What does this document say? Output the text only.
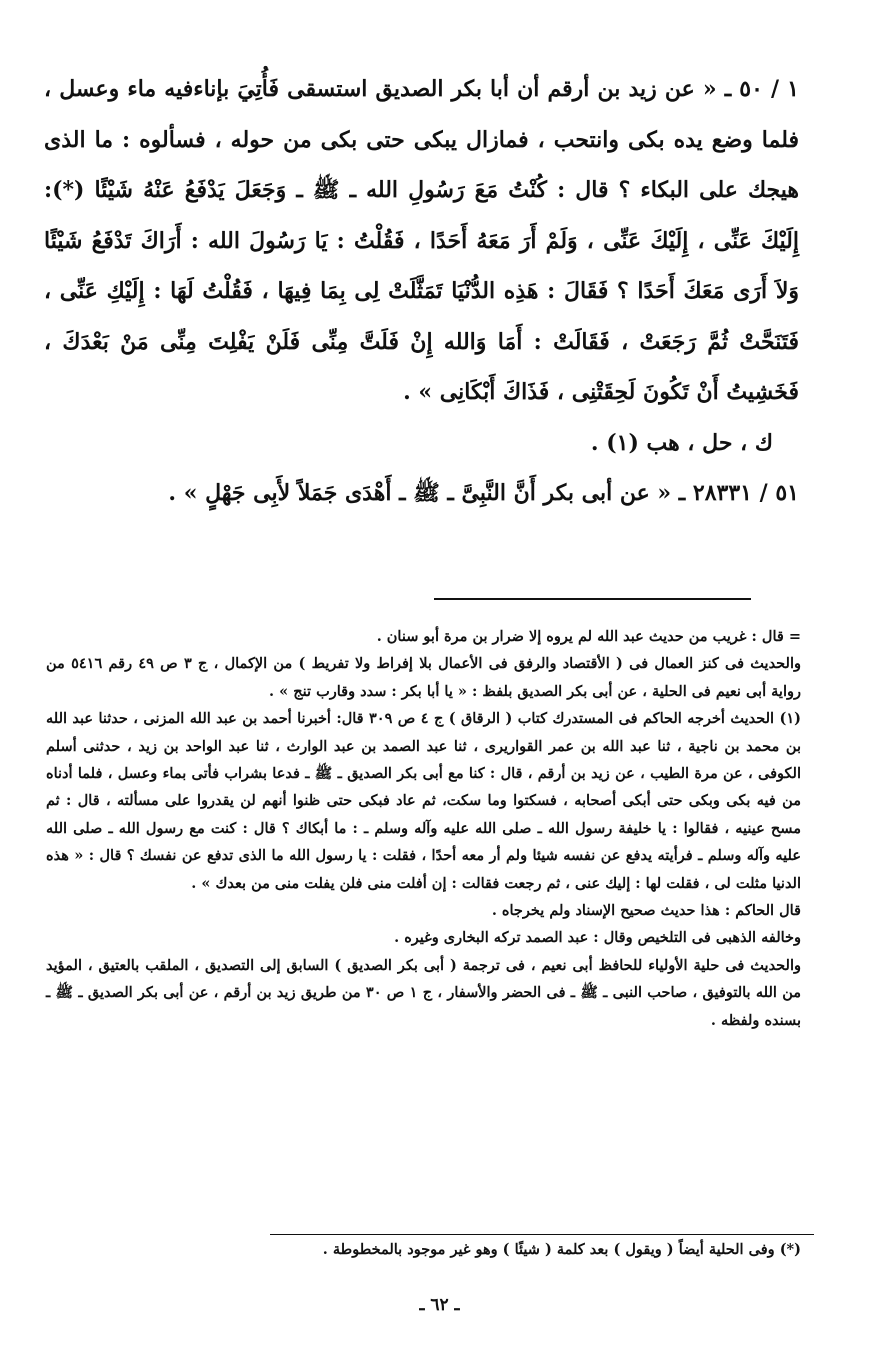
١ / ٥٠ ـ « عن زيد بن أرقم أن أبا بكر الصديق استسقى فَأُتِيَ بإناءفيه ماء وعسل ، فلما وضع يده بكى وانتحب ، فمازال يبكى حتى بكى من حوله ، فسألوه : ما الذى هيجك على البكاء ؟ قال : كُنْتُ مَعَ رَسُولِ الله ـ ﷺ ـ وَجَعَلَ يَدْفَعُ عَنْهُ شَيْئًا (*): إِلَيْكَ عَنِّى ، إِلَيْكَ عَنِّى ، وَلَمْ أَرَ مَعَهُ أَحَدًا ، فَقُلْتُ : يَا رَسُولَ الله : أَرَاكَ تَدْفَعُ شَيْئًا وَلاَ أَرَى مَعَكَ أَحَدًا ؟ فَقَالَ : هَذِه الدُّنْيَا تَمَثَّلَتْ لِى بِمَا فِيهَا ، فَقُلْتُ لَهَا : إِلَيْكِ عَنِّى ، فَتَنَحَّتْ ثُمَّ رَجَعَتْ ، فَقَالَتْ : أَمَا وَالله إِنْ فَلَتَّ مِنِّى فَلَنْ يَفْلِتَ مِنِّى مَنْ بَعْدَكَ ، فَخَشِيتُ أَنْ تَكُونَ لَحِقَتْنِى ، فَذَاكَ أَبْكَانِى » .

ك ، حل ، هب (١) .

٥١ / ٢٨٣٣١ ـ « عن أبى بكر أَنَّ النَّبِىَّ ـ ﷺ ـ أَهْدَى جَمَلاً لأَبِى جَهْلٍ » .

= قال : غريب من حديث عبد الله لم يروه إلا ضرار بن مرة أبو سنان .

والحديث فى كنز العمال فى ( الأقتصاد والرفق فى الأعمال بلا إفراط ولا تفريط ) من الإكمال ، ج ٣ ص ٤٩ رقم ٥٤١٦ من رواية أبى نعيم فى الحلية ، عن أبى بكر الصديق بلفظ : « يا أبا بكر : سدد وقارب تنج » .

(١) الحديث أخرجه الحاكم فى المستدرك كتاب ( الرقاق ) ج ٤ ص ٣٠٩ قال: أخبرنا أحمد بن عبد الله المزنى ، حدثنا عبد الله بن محمد بن ناجية ، ثنا عبد الله بن عمر القواريرى ، ثنا عبد الصمد بن عبد الوارث ، ثنا عبد الواحد بن زيد ، حدثنى أسلم الكوفى ، عن مرة الطيب ، عن زيد بن أرقم ، قال : كنا مع أبى بكر الصديق ـ ﷺ ـ فدعا بشراب فأتى بماء وعسل ، فلما أدناه من فيه بكى وبكى حتى أبكى أصحابه ، فسكتوا وما سكت، ثم عاد فبكى حتى ظنوا أنهم لن يقدروا على مسألته ، قال : ثم مسح عينيه ، فقالوا : يا خليفة رسول الله ـ صلى الله عليه وآله وسلم ـ : ما أبكاك ؟ قال : كنت مع رسول الله ـ صلى الله عليه وآله وسلم ـ فرأيته يدفع عن نفسه شيئا ولم أر معه أحدًا ، فقلت : يا رسول الله ما الذى تدفع عن نفسك ؟ قال : « هذه الدنيا مثلت لى ، فقلت لها : إليك عنى ، ثم رجعت فقالت : إن أفلت منى فلن يفلت منى من بعدك » .

قال الحاكم : هذا حديث صحيح الإسناد ولم يخرجاه .

وخالفه الذهبى فى التلخيص وقال : عبد الصمد تركه البخارى وغيره .

والحديث فى حلية الأولياء للحافظ أبى نعيم ، فى ترجمة ( أبى بكر الصديق ) السابق إلى التصديق ، الملقب بالعتيق ، المؤيد من الله بالتوفيق ، صاحب النبى ـ ﷺ ـ فى الحضر والأسفار ، ج ١ ص ٣٠ من طريق زيد بن أرقم ، عن أبى بكر الصديق ـ ﷺ ـ بسنده ولفظه .

(*) وفى الحلية أيضاً ( ويقول ) بعد كلمة ( شيئًا ) وهو غير موجود بالمخطوطة .
ـ ٦٢ ـ
